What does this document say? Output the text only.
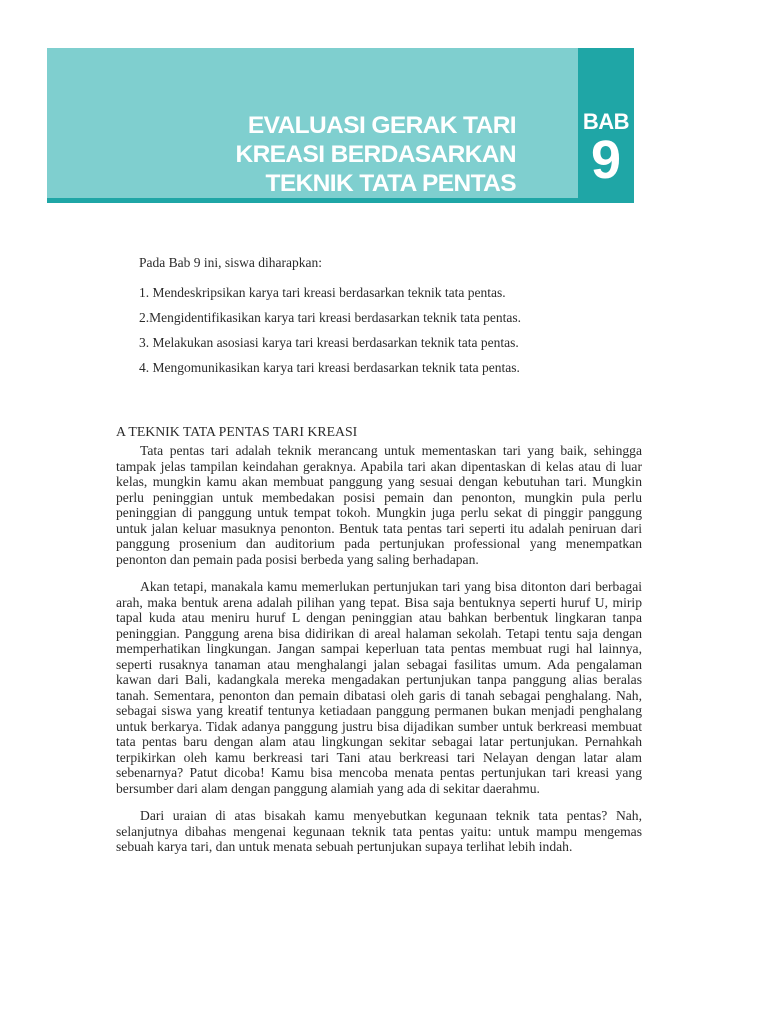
EVALUASI GERAK TARI
KREASI BERDASARKAN
TEKNIK TATA PENTAS
BAB
9

Pada Bab 9 ini, siswa diharapkan:

1. Mendeskripsikan karya tari kreasi berdasarkan teknik tata pentas.
2.Mengidentifikasikan karya tari kreasi berdasarkan teknik tata pentas.
3. Melakukan asosiasi karya tari kreasi berdasarkan teknik tata pentas.
4. Mengomunikasikan karya tari kreasi berdasarkan teknik tata pentas.
A TEKNIK TATA PENTAS TARI KREASI

Tata pentas tari adalah teknik merancang untuk mementaskan tari yang baik, sehingga tampak jelas tampilan keindahan geraknya. Apabila tari akan dipentaskan di kelas atau di luar kelas, mungkin kamu akan membuat panggung yang sesuai dengan kebutuhan tari. Mungkin perlu peninggian untuk membedakan posisi pemain dan penonton, mungkin pula perlu peninggian di panggung untuk tempat tokoh. Mungkin juga perlu sekat di pinggir panggung untuk jalan keluar masuknya penonton. Bentuk tata pentas tari seperti itu adalah peniruan dari panggung prosenium dan auditorium pada pertunjukan professional yang menempatkan penonton dan pemain pada posisi berbeda yang saling berhadapan.

Akan tetapi, manakala kamu memerlukan pertunjukan tari yang bisa ditonton dari berbagai arah, maka bentuk arena adalah pilihan yang tepat. Bisa saja bentuknya seperti huruf U, mirip tapal kuda atau meniru huruf L dengan peninggian atau bahkan berbentuk lingkaran tanpa peninggian. Panggung arena bisa didirikan di areal halaman sekolah. Tetapi tentu saja dengan memperhatikan lingkungan. Jangan sampai keperluan tata pentas membuat rugi hal lainnya, seperti rusaknya tanaman atau menghalangi jalan sebagai fasilitas umum. Ada pengalaman kawan dari Bali, kadangkala mereka mengadakan pertunjukan tanpa panggung alias beralas tanah. Sementara, penonton dan pemain dibatasi oleh garis di tanah sebagai penghalang. Nah, sebagai siswa yang kreatif tentunya ketiadaan panggung permanen bukan menjadi penghalang untuk berkarya. Tidak adanya panggung justru bisa dijadikan sumber untuk berkreasi membuat tata pentas baru dengan alam atau lingkungan sekitar sebagai latar pertunjukan. Pernahkah terpikirkan oleh kamu berkreasi tari Tani atau berkreasi tari Nelayan dengan latar alam sebenarnya? Patut dicoba! Kamu bisa mencoba menata pentas pertunjukan tari kreasi yang bersumber dari alam dengan panggung alamiah yang ada di sekitar daerahmu.

Dari uraian di atas bisakah kamu menyebutkan kegunaan teknik tata pentas? Nah, selanjutnya dibahas mengenai kegunaan teknik tata pentas yaitu: untuk mampu mengemas sebuah karya tari, dan untuk menata sebuah pertunjukan supaya terlihat lebih indah.
